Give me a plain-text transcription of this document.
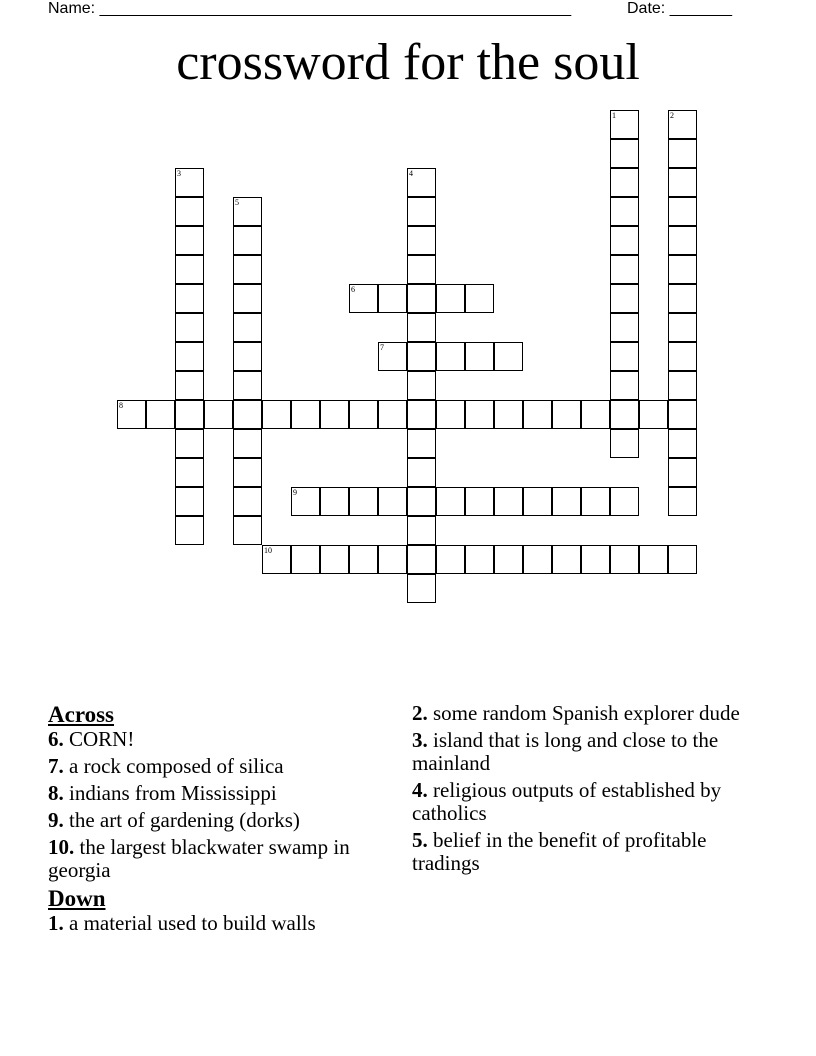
Name: _____________________________________________________	Date: _______
crossword for the soul
1	2
3	4
5
6
7
8
9
10
Across
6. CORN!
7. a rock composed of silica
8. indians from Mississippi
9. the art of gardening (dorks)
10. the largest blackwater swamp in georgia
Down
1. a material used to build walls
2. some random Spanish explorer dude
3. island that is long and close to the mainland
4. religious outputs of established by catholics
5. belief in the benefit of profitable tradings
